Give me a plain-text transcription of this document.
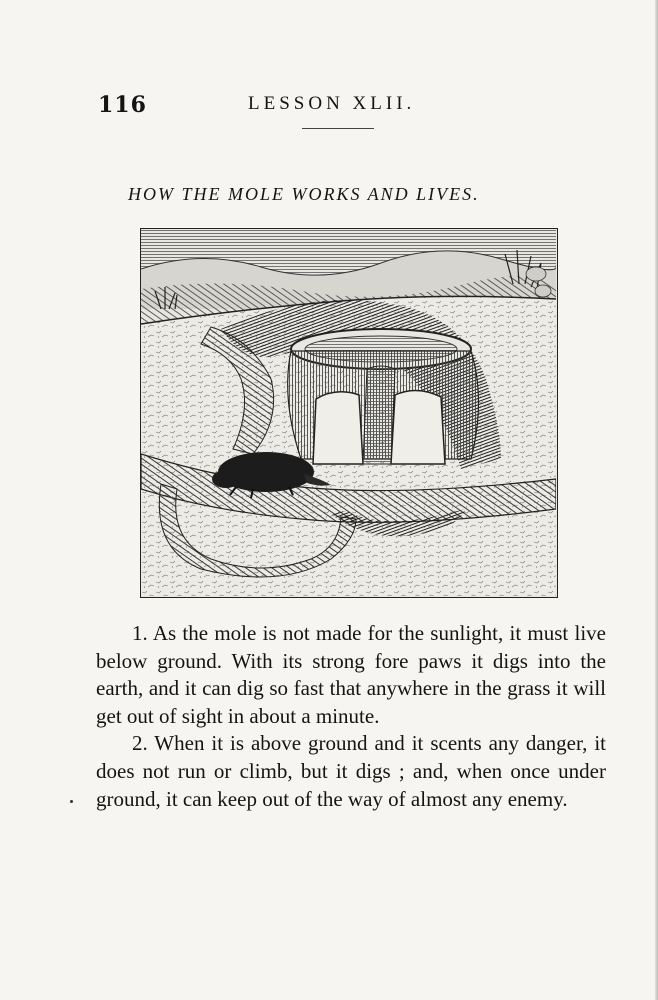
116	LESSON XLII.
HOW THE MOLE WORKS AND LIVES.

1. As the mole is not made for the sunlight, it must live below ground. With its strong fore paws it digs into the earth, and it can dig so fast that anywhere in the grass it will get out of sight in about a minute.

2. When it is above ground and it scents any danger, it does not run or climb, but it digs ; and, when once under ground, it can keep out of the way of almost any enemy.
